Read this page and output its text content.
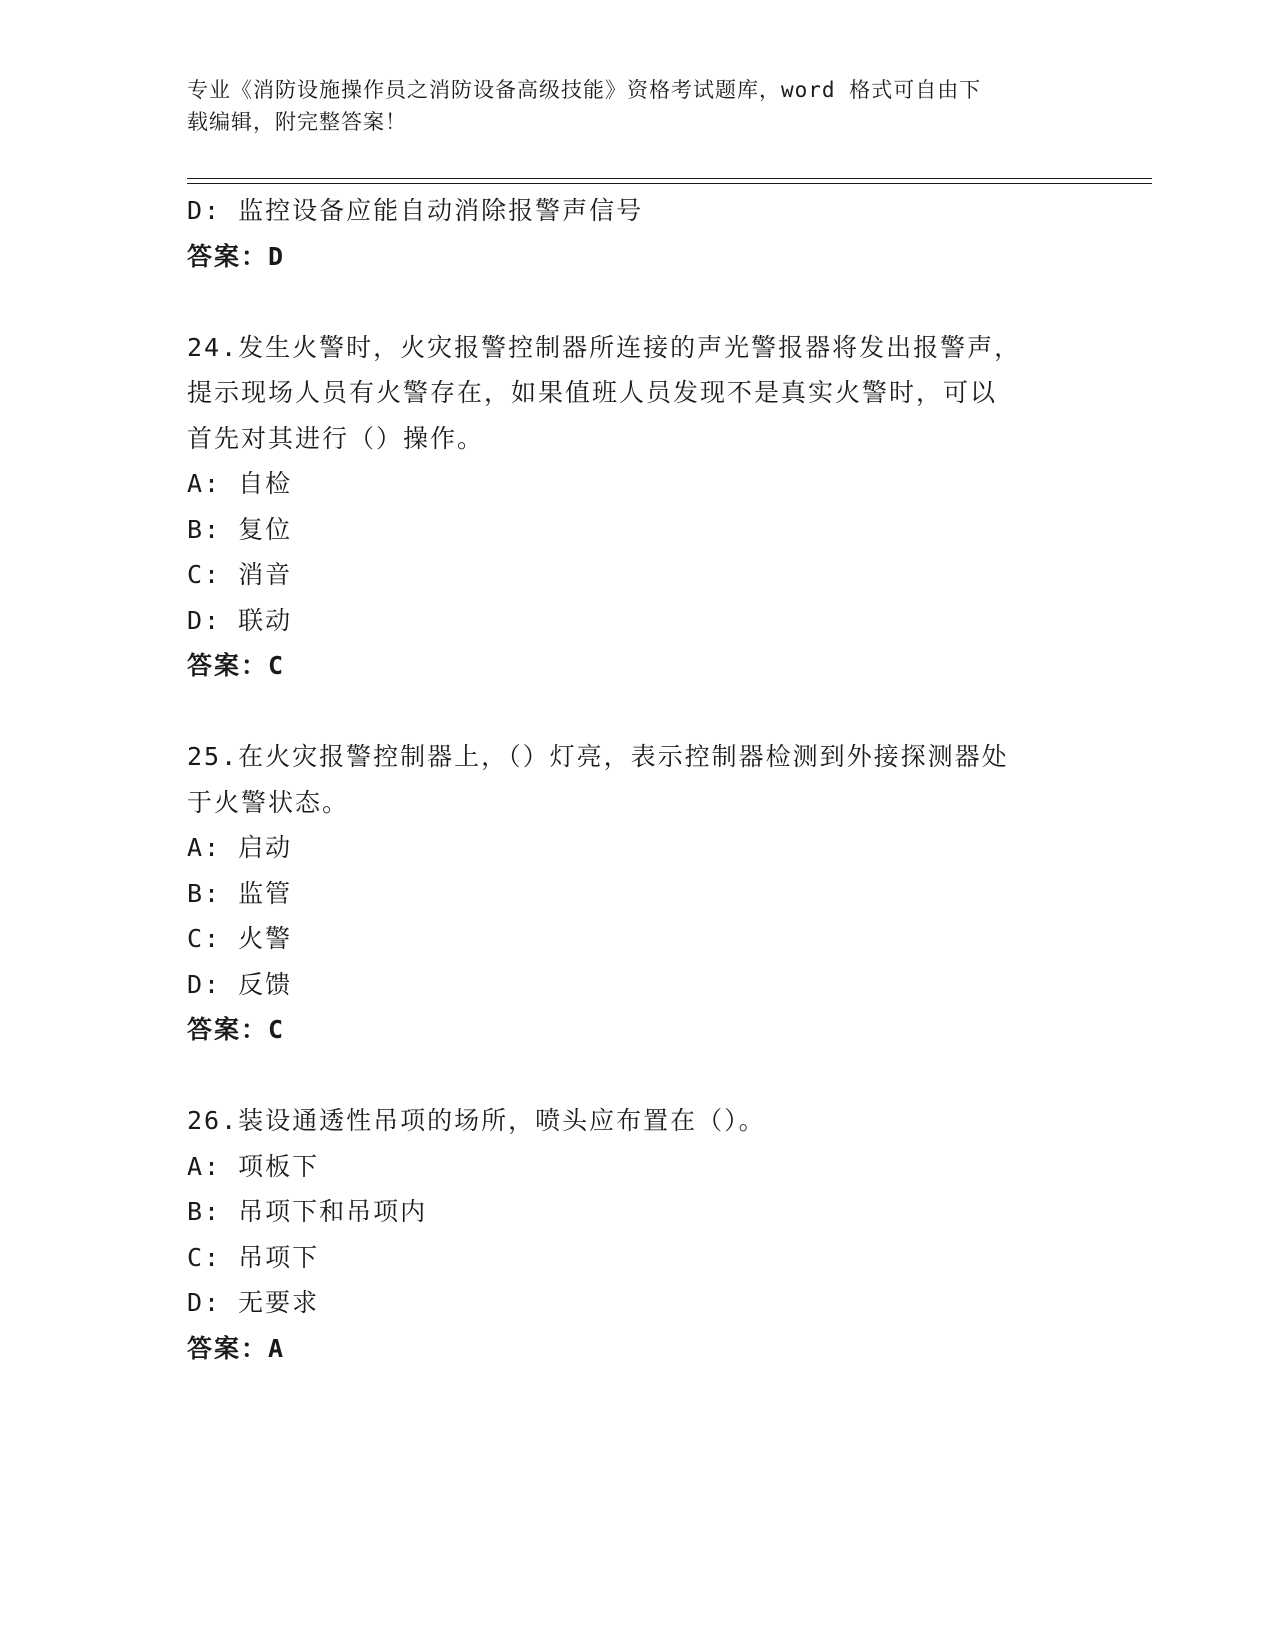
专业《消防设施操作员之消防设备高级技能》资格考试题库，word 格式可自由下
载编辑，附完整答案！
D: 监控设备应能自动消除报警声信号
答案：D
24.发生火警时，火灾报警控制器所连接的声光警报器将发出报警声，
提示现场人员有火警存在，如果值班人员发现不是真实火警时，可以
首先对其进行（）操作。
A: 自检
B: 复位
C: 消音
D: 联动
答案：C
25.在火灾报警控制器上，（）灯亮，表示控制器检测到外接探测器处
于火警状态。
A: 启动
B: 监管
C: 火警
D: 反馈
答案：C
26.装设通透性吊项的场所，喷头应布置在（）。
A: 项板下
B: 吊项下和吊项内
C: 吊项下
D: 无要求
答案：A
